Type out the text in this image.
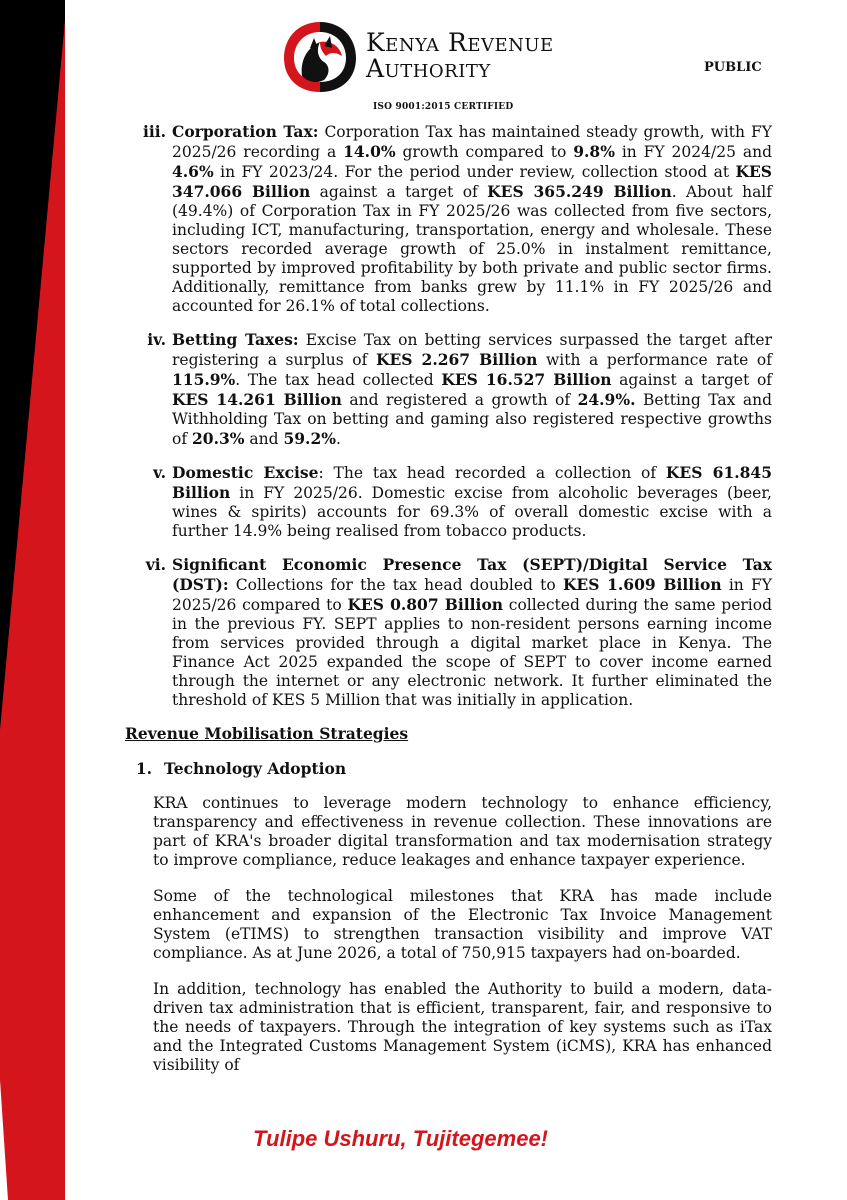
Kenya Revenue
Authority	PUBLIC
ISO 9001:2015 CERTIFIED
iii. Corporation Tax: Corporation Tax has maintained steady growth, with FY 2025/26 recording a 14.0% growth compared to 9.8% in FY 2024/25 and 4.6% in FY 2023/24. For the period under review, collection stood at KES 347.066 Billion against a target of KES 365.249 Billion. About half (49.4%) of Corporation Tax in FY 2025/26 was collected from five sectors, including ICT, manufacturing, transportation, energy and wholesale. These sectors recorded average growth of 25.0% in instalment remittance, supported by improved profitability by both private and public sector firms. Additionally, remittance from banks grew by 11.1% in FY 2025/26 and accounted for 26.1% of total collections.
iv. Betting Taxes: Excise Tax on betting services surpassed the target after registering a surplus of KES 2.267 Billion with a performance rate of 115.9%. The tax head collected KES 16.527 Billion against a target of KES 14.261 Billion and registered a growth of 24.9%. Betting Tax and Withholding Tax on betting and gaming also registered respective growths of 20.3% and 59.2%.
v. Domestic Excise: The tax head recorded a collection of KES 61.845 Billion in FY 2025/26. Domestic excise from alcoholic beverages (beer, wines & spirits) accounts for 69.3% of overall domestic excise with a further 14.9% being realised from tobacco products.
vi. Significant Economic Presence Tax (SEPT)/Digital Service Tax (DST): Collections for the tax head doubled to KES 1.609 Billion in FY 2025/26 compared to KES 0.807 Billion collected during the same period in the previous FY. SEPT applies to non-resident persons earning income from services provided through a digital market place in Kenya. The Finance Act 2025 expanded the scope of SEPT to cover income earned through the internet or any electronic network. It further eliminated the threshold of KES 5 Million that was initially in application.
Revenue Mobilisation Strategies
1. Technology Adoption
KRA continues to leverage modern technology to enhance efficiency, transparency and effectiveness in revenue collection. These innovations are part of KRA's broader digital transformation and tax modernisation strategy to improve compliance, reduce leakages and enhance taxpayer experience.
Some of the technological milestones that KRA has made include enhancement and expansion of the Electronic Tax Invoice Management System (eTIMS) to strengthen transaction visibility and improve VAT compliance. As at June 2026, a total of 750,915 taxpayers had on-boarded.
In addition, technology has enabled the Authority to build a modern, data-driven tax administration that is efficient, transparent, fair, and responsive to the needs of taxpayers. Through the integration of key systems such as iTax and the Integrated Customs Management System (iCMS), KRA has enhanced visibility of
Tulipe Ushuru, Tujitegemee!
